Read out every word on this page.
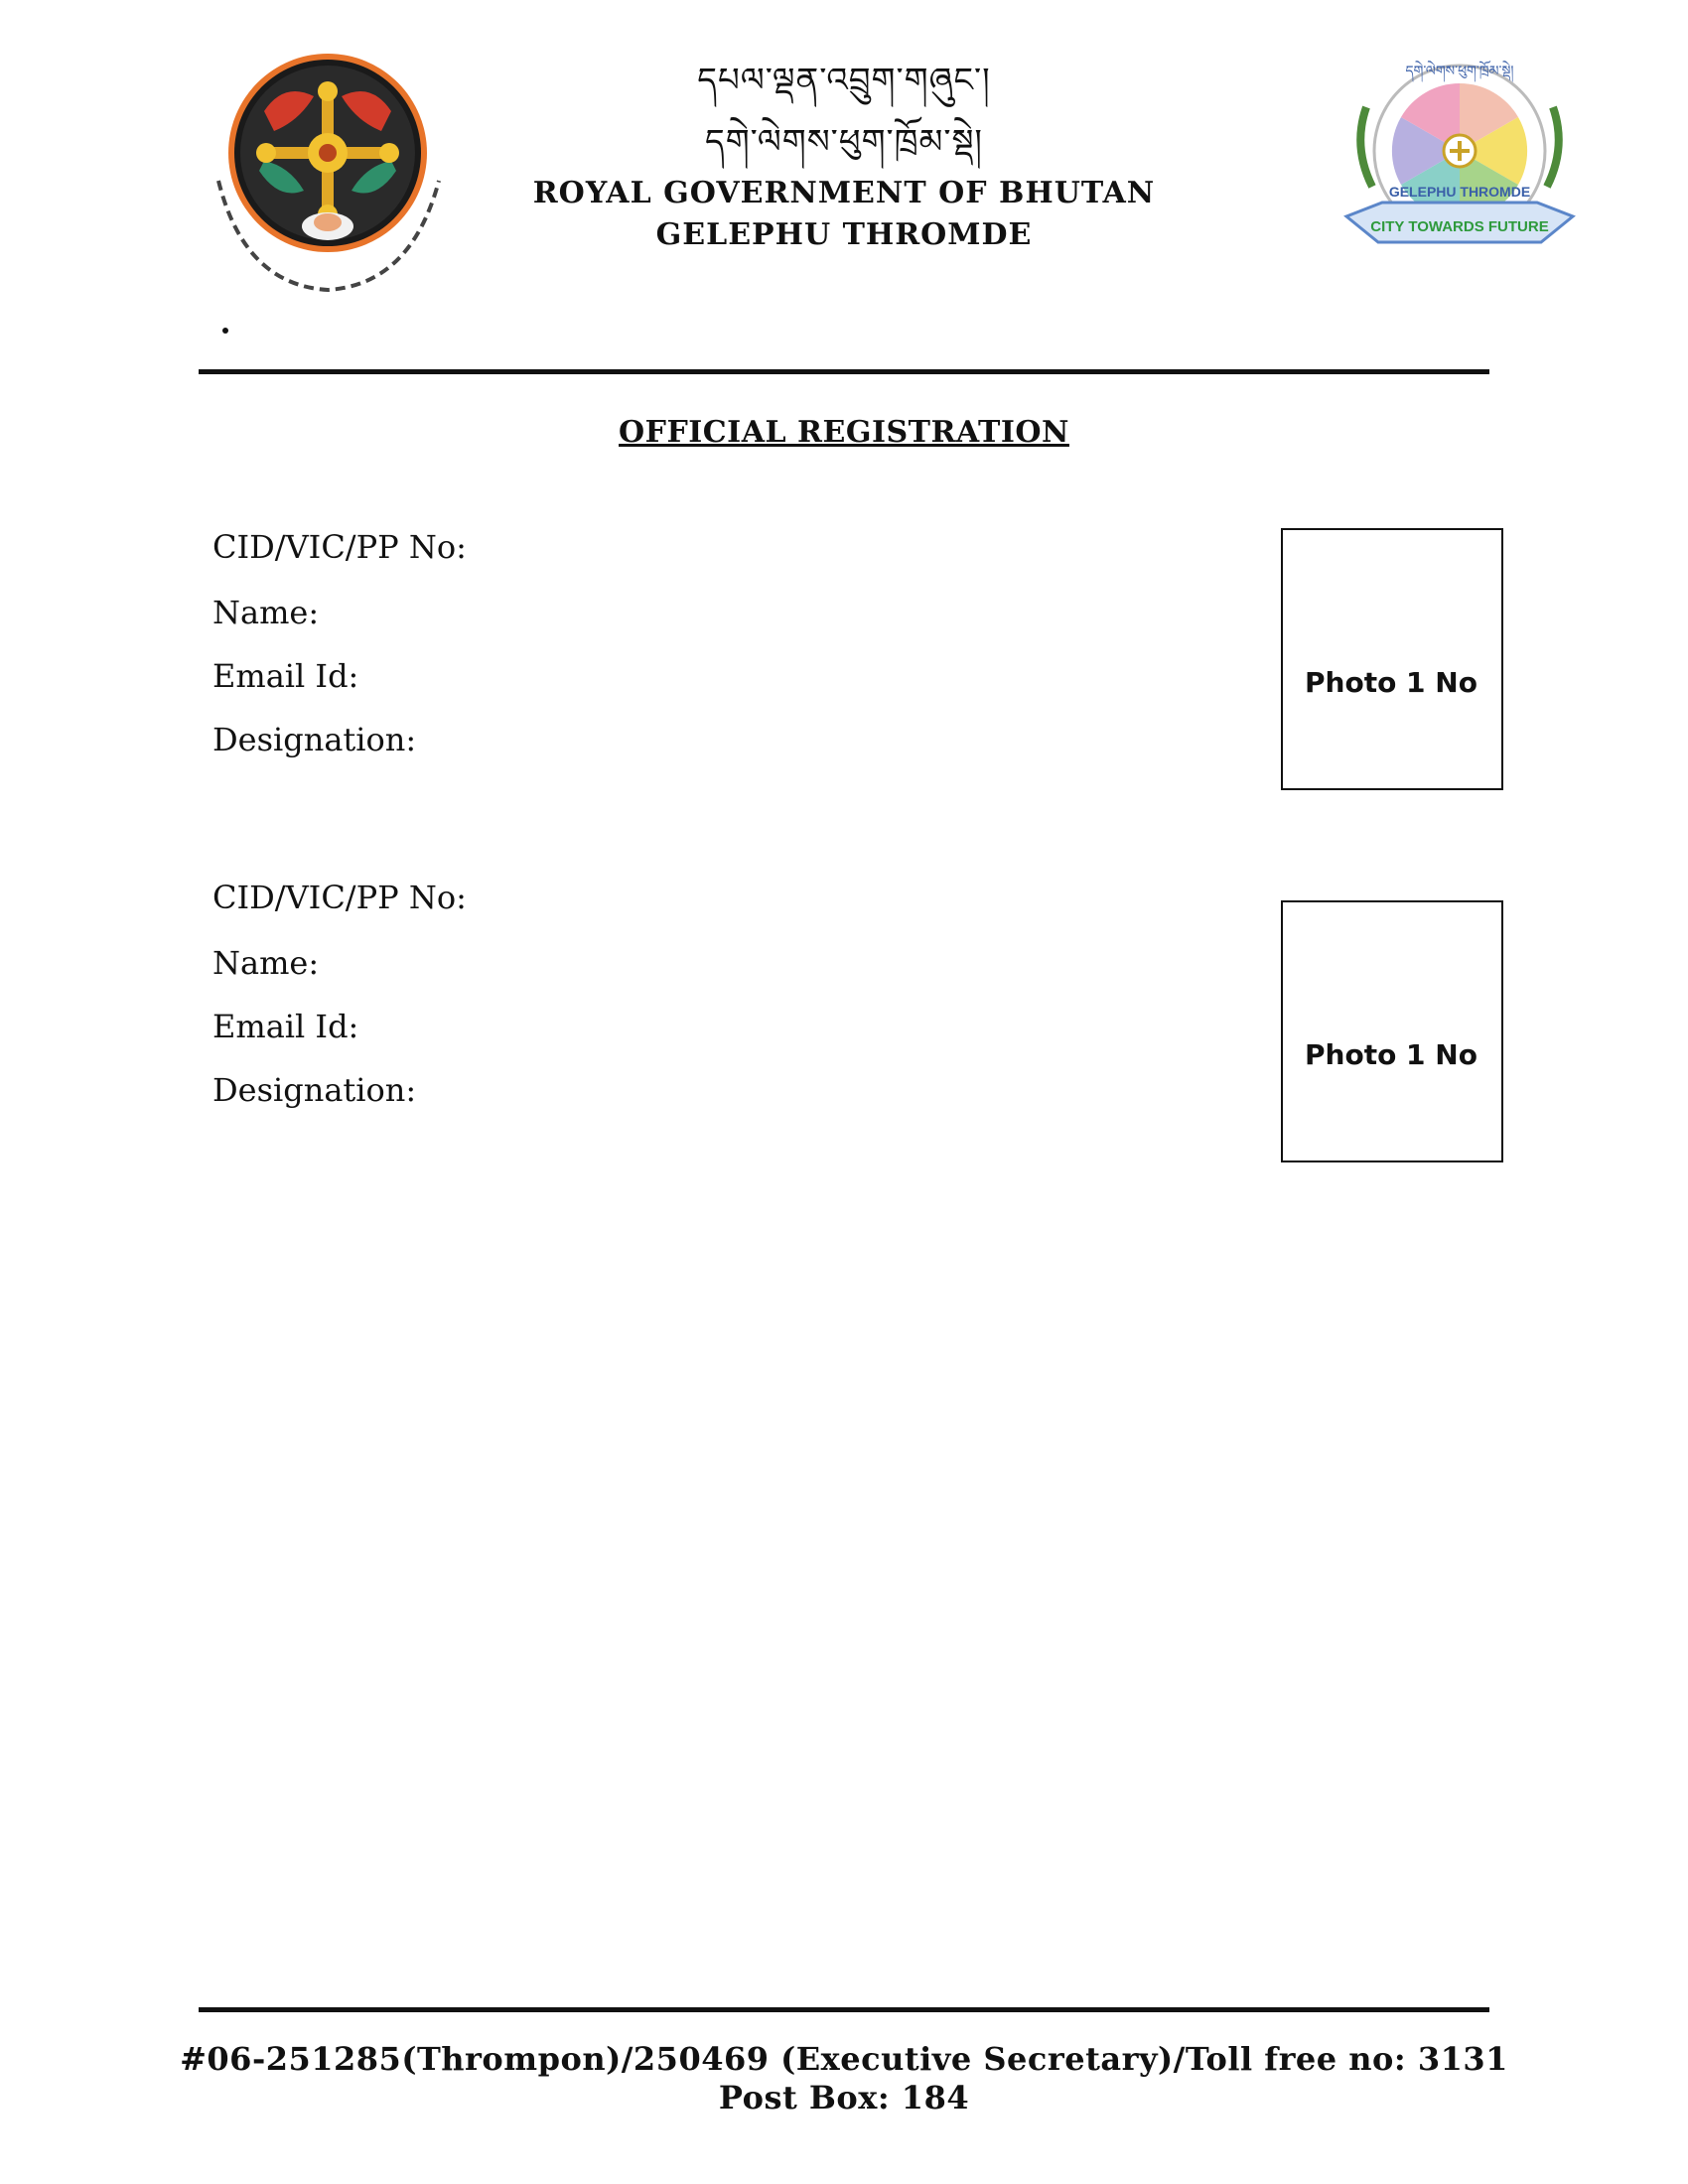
དཔལ་ལྡན་འབྲུག་གཞུང་།
དགེ་ལེགས་ཕུག་ཁྲོམ་སྡེ།
ROYAL GOVERNMENT OF BHUTAN
GELEPHU THROMDE	CITY TOWARDS FUTURE
GELEPHU THROMDE
དགེ་ལེགས་ཕུག་ཁྲོམ་སྡེ།
OFFICIAL REGISTRATION
CID/VIC/PP No:
Name:
Email Id:
Designation:
Photo 1 No
CID/VIC/PP No:
Name:
Email Id:
Designation:
Photo 1 No
#06-251285(Thrompon)/250469 (Executive Secretary)/Toll free no: 3131
Post Box: 184
